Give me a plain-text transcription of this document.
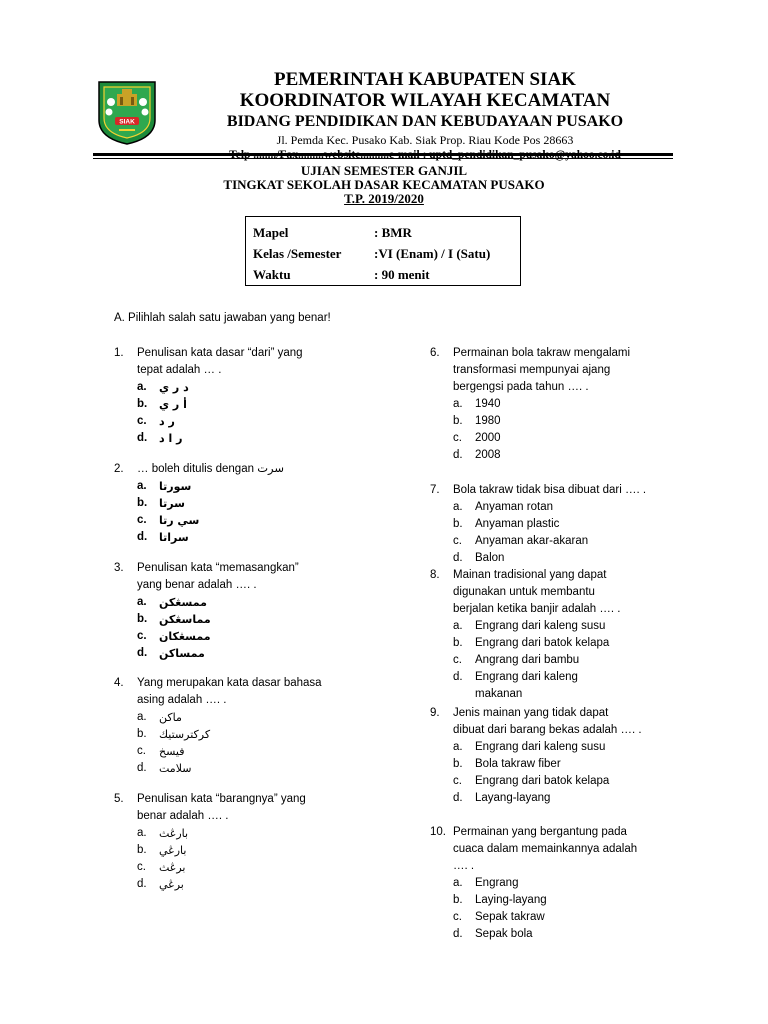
SIAK
PEMERINTAH KABUPATEN SIAK
KOORDINATOR WILAYAH KECAMATAN
BIDANG PENDIDIKAN DAN KEBUDAYAAN PUSAKO
Jl. Pemda Kec. Pusako Kab. Siak Prop. Riau Kode Pos 28663
Telp ......../Fax.........website..........e-mail : uptd_pendidikan_pusako@yahoo.co.id
UJIAN SEMESTER GANJIL
TINGKAT SEKOLAH DASAR KECAMATAN PUSAKO
T.P. 2019/2020
Mapel	: BMR
Kelas /Semester	:VI (Enam) / I (Satu)
Waktu	: 90 menit
A. Pilihlah salah satu jawaban yang benar!
1. Penulisan kata dasar “dari” yang
tepat adalah … .
a. د ر ي
b. أ ر ي
c. ر د
d. ر ا د
2. … boleh ditulis dengan سرت
a. سورتا
b. سرتا
c. سي رتا
d. سراتا
3. Penulisan kata “memasangkan”
yang benar adalah …. .
a. ممسڠكن
b. مماسڠكن
c. ممسڠكان
d. ممساكن
4. Yang merupakan kata dasar bahasa
asing adalah …. .
a. ماكن
b. كركترستيك
c. فيسخ
d. سلامت
5. Penulisan kata “barangnya” yang
benar adalah …. .
a. بارڠث
b. بارڠي
c. برڠث
d. برڠي
6. Permainan bola takraw mengalami
transformasi mempunyai ajang
bergengsi pada tahun …. .
a. 1940
b. 1980
c. 2000
d. 2008
7. Bola takraw tidak bisa dibuat dari …. .
a. Anyaman rotan
b. Anyaman plastic
c. Anyaman akar-akaran
d. Balon
8. Mainan tradisional yang dapat
digunakan untuk membantu
berjalan ketika banjir adalah …. .
a. Engrang dari kaleng susu
b. Engrang dari batok kelapa
c. Angrang dari bambu
d. Engrang dari kaleng makanan
9. Jenis mainan yang tidak dapat
dibuat dari barang bekas adalah …. .
a. Engrang dari kaleng susu
b. Bola takraw fiber
c. Engrang dari batok kelapa
d. Layang-layang
10. Permainan yang bergantung pada
cuaca dalam memainkannya adalah
…. .
a. Engrang
b. Laying-layang
c. Sepak takraw
d. Sepak bola
